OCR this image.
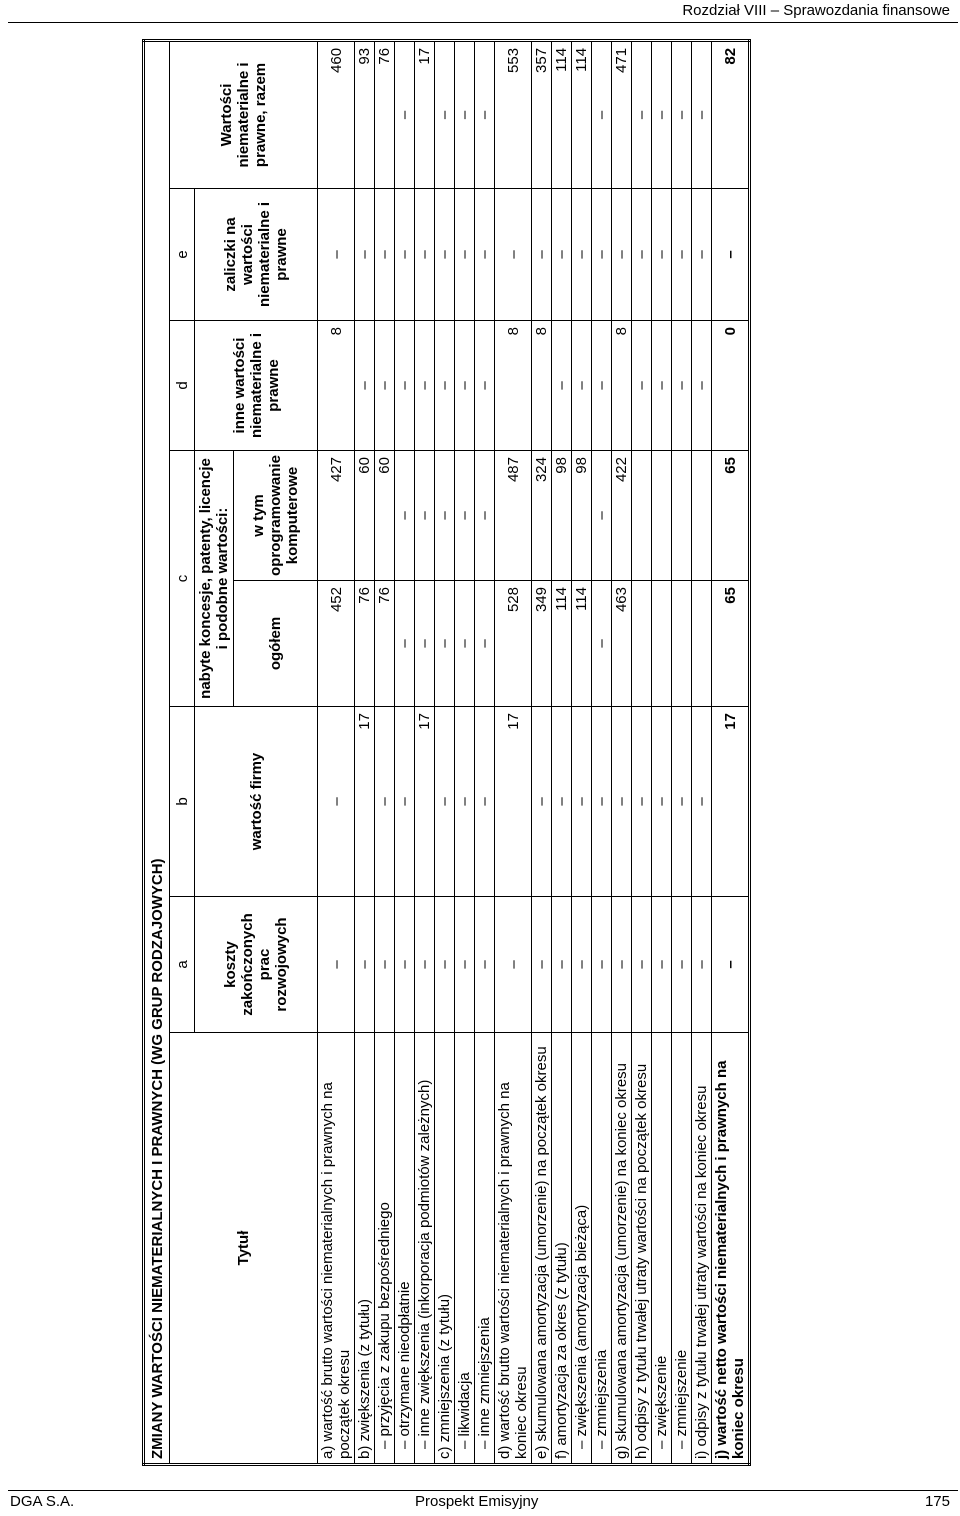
Rozdział VIII – Sprawozdania finansowe
ZMIANY WARTOŚCI NIEMATERIALNYCH I PRAWNYCH (WG GRUP RODZAJOWYCH)							
Tytuł	a	b	c		d	e	Wartości niematerialne i prawne, razem
	koszty zakończonych prac rozwojowych	wartość firmy	nabyte koncesje, patenty, licencje i podobne wartości:		inne wartości niematerialne i prawne	zaliczki na wartości niematerialne i prawne	
			ogółem	w tym oprogramowanie komputerowe			
a) wartość brutto wartości niematerialnych i prawnych na początek okresu	–	–	452	427	8	–	460
b) zwiększenia (z tytułu)	–	17	76	60	–	–	93
– przyjęcia z zakupu bezpośredniego	–	–	76	60	–	–	76
– otrzymane nieodpłatnie	–	–	–	–	–	–	–
– inne zwiększenia (inkorporacja podmiotów zależnych)	–	17	–	–	–	–	17
c) zmniejszenia (z tytułu)	–	–	–	–	–	–	–
– likwidacja	–	–	–	–	–	–	–
– inne zmniejszenia	–	–	–	–	–	–	–
d) wartość brutto wartości niematerialnych i prawnych na koniec okresu	–	17	528	487	8	–	553
e) skumulowana amortyzacja (umorzenie) na początek okresu	–	–	349	324	8	–	357
f) amortyzacja za okres (z tytułu)	–	–	114	98	–	–	114
– zwiększenia (amortyzacja bieżąca)	–	–	114	98	–	–	114
– zmniejszenia	–	–	–	–	–	–	–
g) skumulowana amortyzacja (umorzenie) na koniec okresu	–	–	463	422	8	–	471
h) odpisy z tytułu trwałej utraty wartości na początek okresu	–	–			–	–	–
– zwiększenie	–	–			–	–	–
– zmniejszenie	–	–			–	–	–
i) odpisy z tytułu trwałej utraty wartości na koniec okresu	–	–			–	–	–
j) wartość netto wartości niematerialnych i prawnych na koniec okresu	–	17	65	65	0	–	82
DGA S.A.	Prospekt Emisyjny	175
